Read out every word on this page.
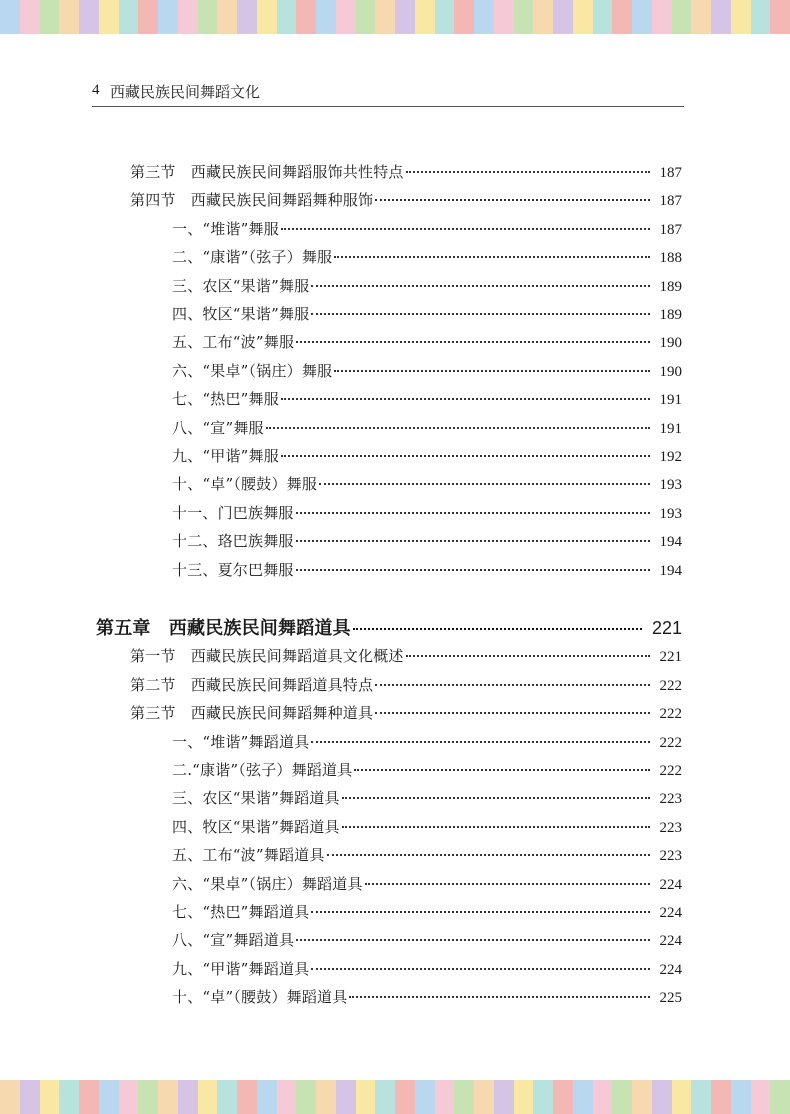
4 西藏民族民间舞蹈文化
第三节　西藏民族民间舞蹈服饰共性特点	187
第四节　西藏民族民间舞蹈舞种服饰	187
一、“堆谐”舞服	187
二、“康谐”（弦子）舞服	188
三、农区“果谐”舞服	189
四、牧区“果谐”舞服	189
五、工布“波”舞服	190
六、“果卓”（锅庄）舞服	190
七、“热巴”舞服	191
八、“宣”舞服	191
九、“甲谐”舞服	192
十、“卓”（腰鼓）舞服	193
十一、门巴族舞服	193
十二、珞巴族舞服	194
十三、夏尔巴舞服	194
第五章　西藏民族民间舞蹈道具	221
第一节　西藏民族民间舞蹈道具文化概述	221
第二节　西藏民族民间舞蹈道具特点	222
第三节　西藏民族民间舞蹈舞种道具	222
一、“堆谐”舞蹈道具	222
二.“康谐”（弦子）舞蹈道具	222
三、农区“果谐”舞蹈道具	223
四、牧区“果谐”舞蹈道具	223
五、工布“波”舞蹈道具	223
六、“果卓”（锅庄）舞蹈道具	224
七、“热巴”舞蹈道具	224
八、“宣”舞蹈道具	224
九、“甲谐”舞蹈道具	224
十、“卓”（腰鼓）舞蹈道具	225
